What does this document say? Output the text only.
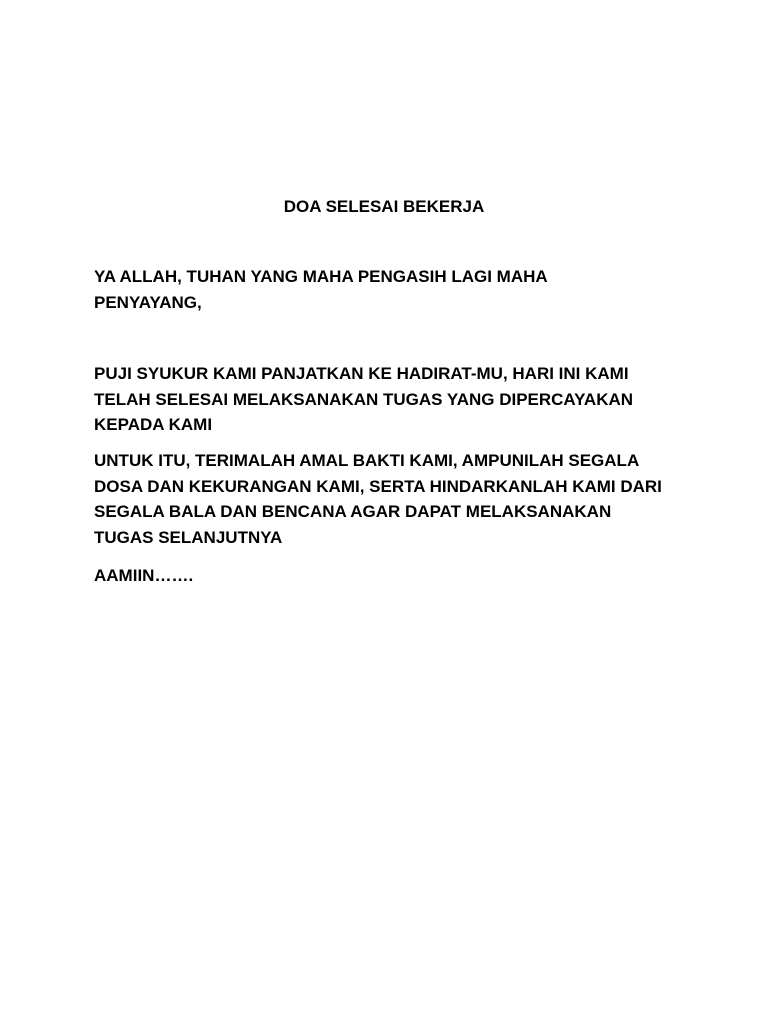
DOA SELESAI BEKERJA

YA ALLAH, TUHAN YANG MAHA PENGASIH LAGI MAHA
PENYAYANG,

PUJI SYUKUR KAMI PANJATKAN KE HADIRAT-MU, HARI INI KAMI
TELAH SELESAI MELAKSANAKAN TUGAS YANG DIPERCAYAKAN
KEPADA KAMI

UNTUK ITU, TERIMALAH AMAL BAKTI KAMI, AMPUNILAH SEGALA
DOSA DAN KEKURANGAN KAMI, SERTA HINDARKANLAH KAMI DARI
SEGALA BALA DAN BENCANA AGAR DAPAT MELAKSANAKAN
TUGAS SELANJUTNYA

AAMIIN…….
